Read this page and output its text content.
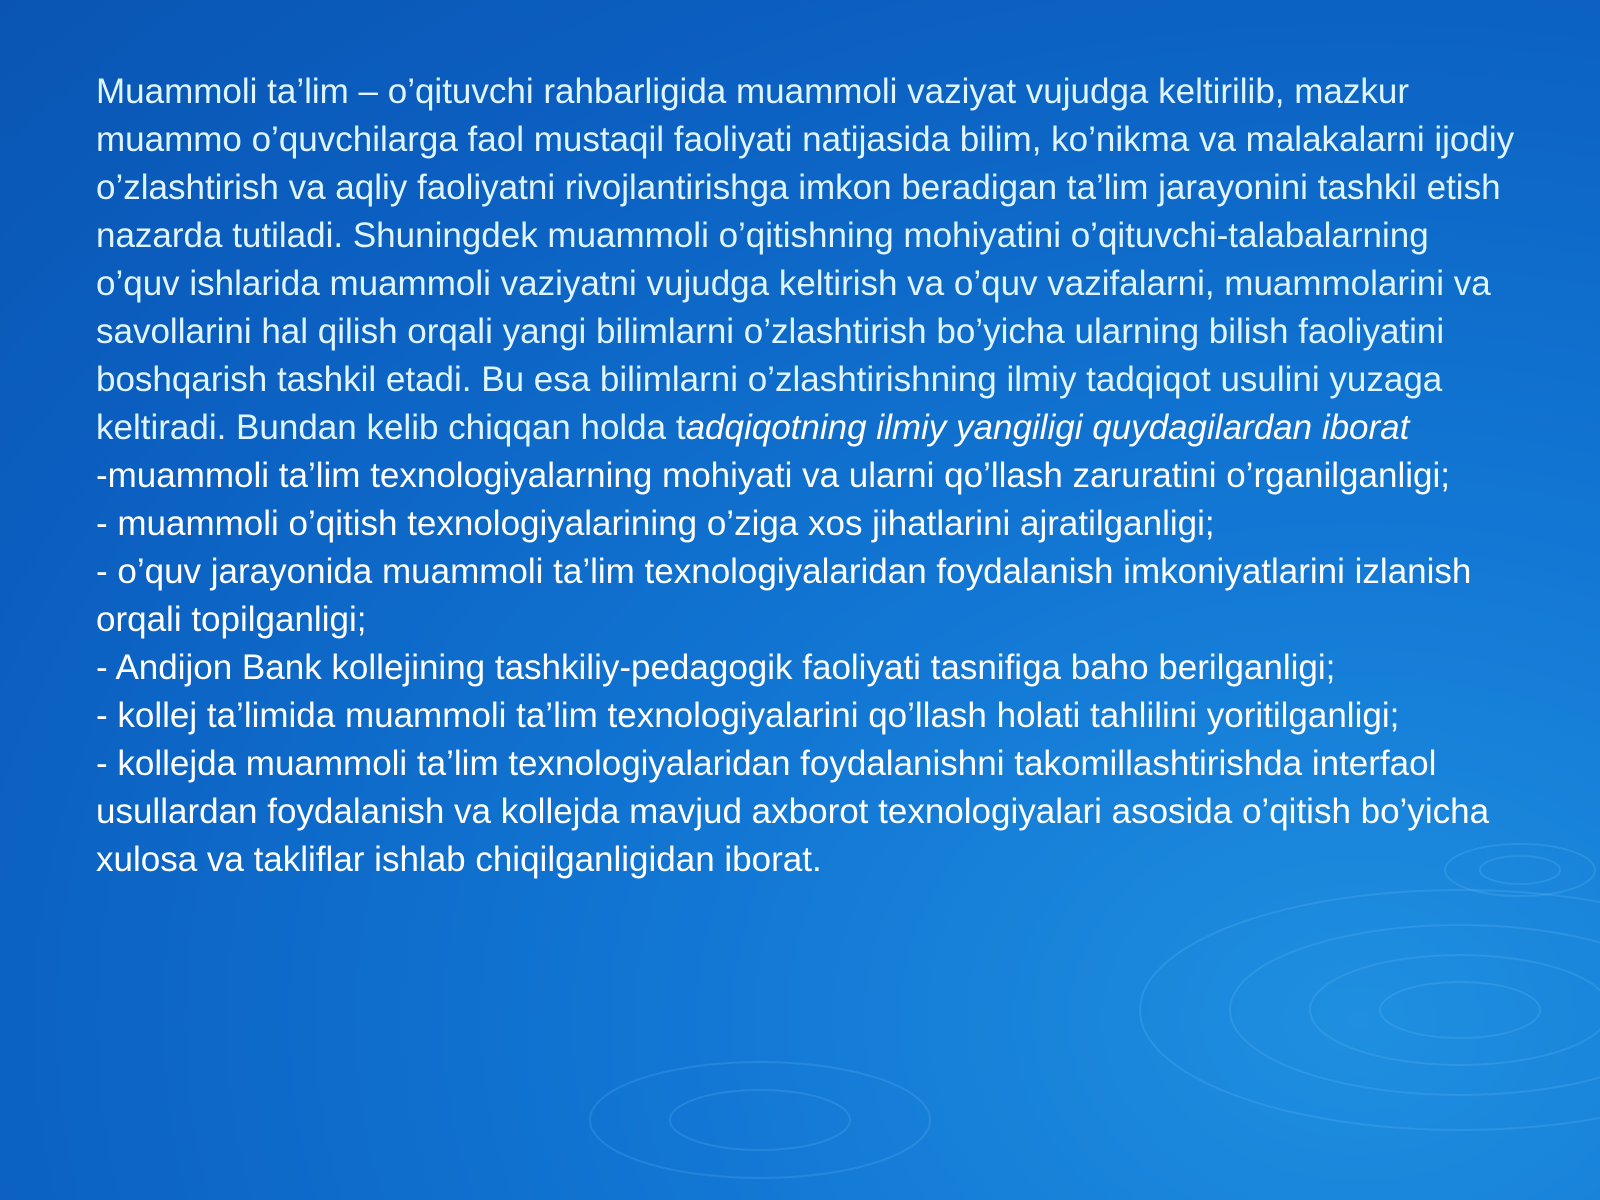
Muammoli ta’lim – o’qituvchi rahbarligida muammoli vaziyat vujudga keltirilib, mazkur muammo o’quvchilarga faol mustaqil faoliyati natijasida bilim, ko’nikma va malakalarni ijodiy o’zlashtirish va aqliy faoliyatni rivojlantirishga imkon beradigan ta’lim jarayonini tashkil etish nazarda tutiladi. Shuningdek muammoli o’qitishning mohiyatini o’qituvchi-talabalarning o’quv ishlarida muammoli vaziyatni vujudga keltirish va o’quv vazifalarni, muammolarini va savollarini hal qilish orqali yangi bilimlarni o’zlashtirish bo’yicha ularning bilish faoliyatini boshqarish tashkil etadi. Bu esa bilimlarni o’zlashtirishning ilmiy tadqiqot usulini yuzaga keltiradi. Bundan kelib chiqqan holda tadqiqotning ilmiy yangiligi quydagilardan iborat

-muammoli ta’lim texnologiyalarning mohiyati va ularni qo’llash zaruratini o’rganilganligi;
- muammoli o’qitish texnologiyalarining o’ziga xos jihatlarini ajratilganligi;
- o’quv jarayonida muammoli ta’lim texnologiyalaridan foydalanish imkoniyatlarini izlanish orqali topilganligi;
- Andijon Bank kollejining tashkiliy-pedagogik faoliyati tasnifiga baho berilganligi;
- kollej ta’limida muammoli ta’lim texnologiyalarini qo’llash holati tahlilini yoritilganligi;
- kollejda muammoli ta’lim texnologiyalaridan foydalanishni takomillashtirishda interfaol usullardan foydalanish va kollejda mavjud axborot texnologiyalari asosida o’qitish bo’yicha xulosa va takliflar ishlab chiqilganligidan iborat.
